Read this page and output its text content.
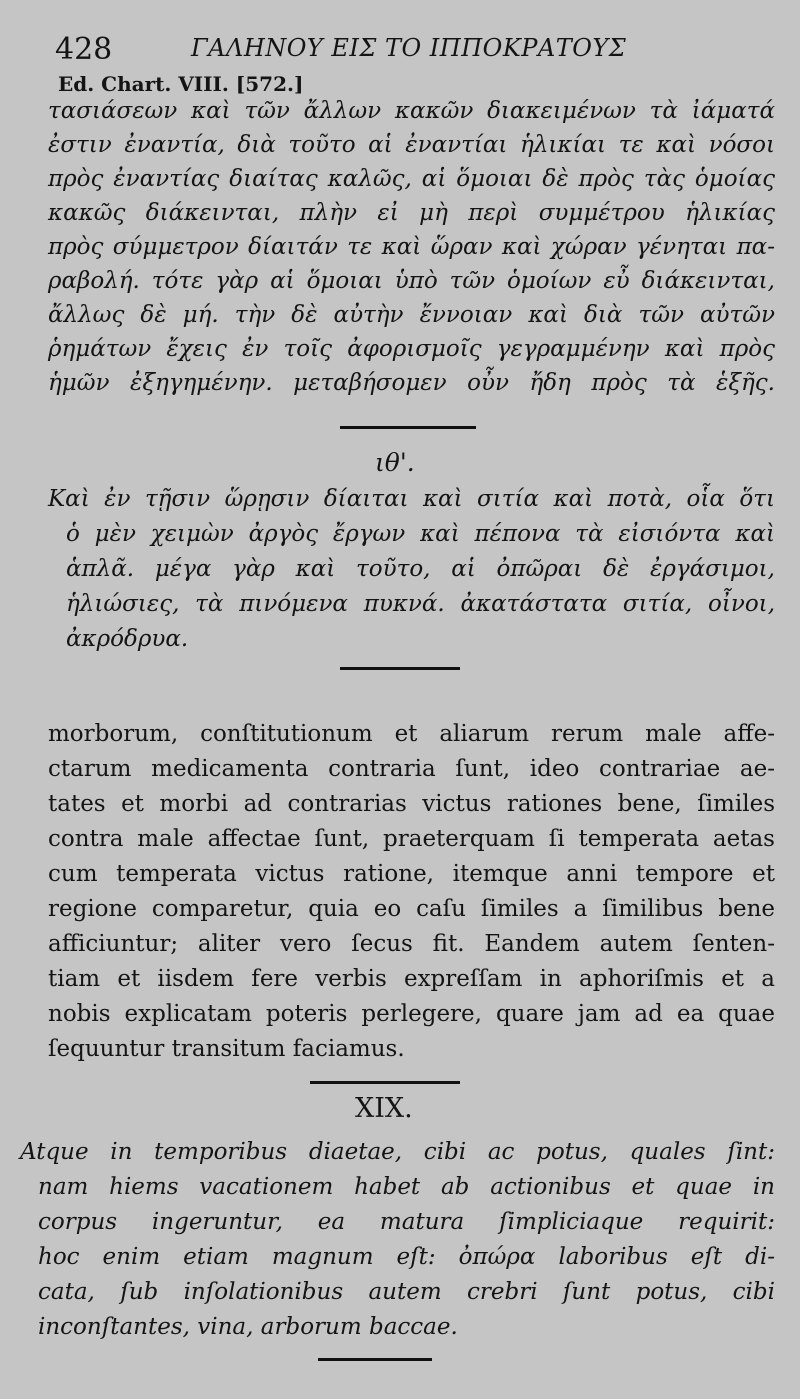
428	ΓΑΛΗΝΟΥ ΕΙΣ ΤΟ ΙΠΠΟΚΡΑΤΟΥΣ
Ed. Chart. VIII. [572.]
τασιάσεων καὶ τῶν ἄλλων κακῶν διακειμένων τὰ ἰάματά
ἐστιν ἐναντία, διὰ τοῦτο αἱ ἐναντίαι ἡλικίαι τε καὶ νόσοι
πρὸς ἐναντίας διαίτας καλῶς, αἱ ὅμοιαι δὲ πρὸς τὰς ὁμοίας
κακῶς διάκεινται, πλὴν εἰ μὴ περὶ συμμέτρου ἡλικίας
πρὸς σύμμετρον δίαιτάν τε καὶ ὥραν καὶ χώραν γένηται πα-
ραβολή. τότε γὰρ αἱ ὅμοιαι ὑπὸ τῶν ὁμοίων εὖ διάκεινται,
ἄλλως δὲ μή. τὴν δὲ αὐτὴν ἔννοιαν καὶ διὰ τῶν αὐτῶν
ῥημάτων ἔχεις ἐν τοῖς ἀφορισμοῖς γεγραμμένην καὶ πρὸς
ἡμῶν ἐξηγημένην. μεταβήσομεν οὖν ἤδη πρὸς τὰ ἑξῆς.
ιθ'.
Καὶ ἐν τῇσιν ὥρῃσιν δίαιται καὶ σιτία καὶ ποτὰ, οἷα ὅτι
ὁ μὲν χειμὼν ἀργὸς ἔργων καὶ πέπονα τὰ εἰσιόντα καὶ
ἁπλᾶ. μέγα γὰρ καὶ τοῦτο, αἱ ὀπῶραι δὲ ἐργάσιμοι,
ἡλιώσιες, τὰ πινόμενα πυκνά. ἀκατάστατα σιτία, οἶνοι,
ἀκρόδρυα.
morborum, conſtitutionum et aliarum rerum male affe-
ctarum medicamenta contraria ſunt, ideo contrariae ae-
tates et morbi ad contrarias victus rationes bene, ſimiles
contra male affectae ſunt, praeterquam ſi temperata aetas
cum temperata victus ratione, itemque anni tempore et
regione comparetur, quia eo caſu ſimiles a ſimilibus bene
afficiuntur; aliter vero ſecus fit. Eandem autem ſenten-
tiam et iisdem fere verbis expreſſam in aphoriſmis et a
nobis explicatam poteris perlegere, quare jam ad ea quae
ſequuntur transitum faciamus.
XIX.
Atque in temporibus diaetae, cibi ac potus, quales ſint:
nam hiems vacationem habet ab actionibus et quae in
corpus ingeruntur, ea matura ſimpliciaque requirit:
hoc enim etiam magnum eſt: ὀπώρα laboribus eſt di-
cata, ſub inſolationibus autem crebri ſunt potus, cibi
inconſtantes, vina, arborum baccae.
